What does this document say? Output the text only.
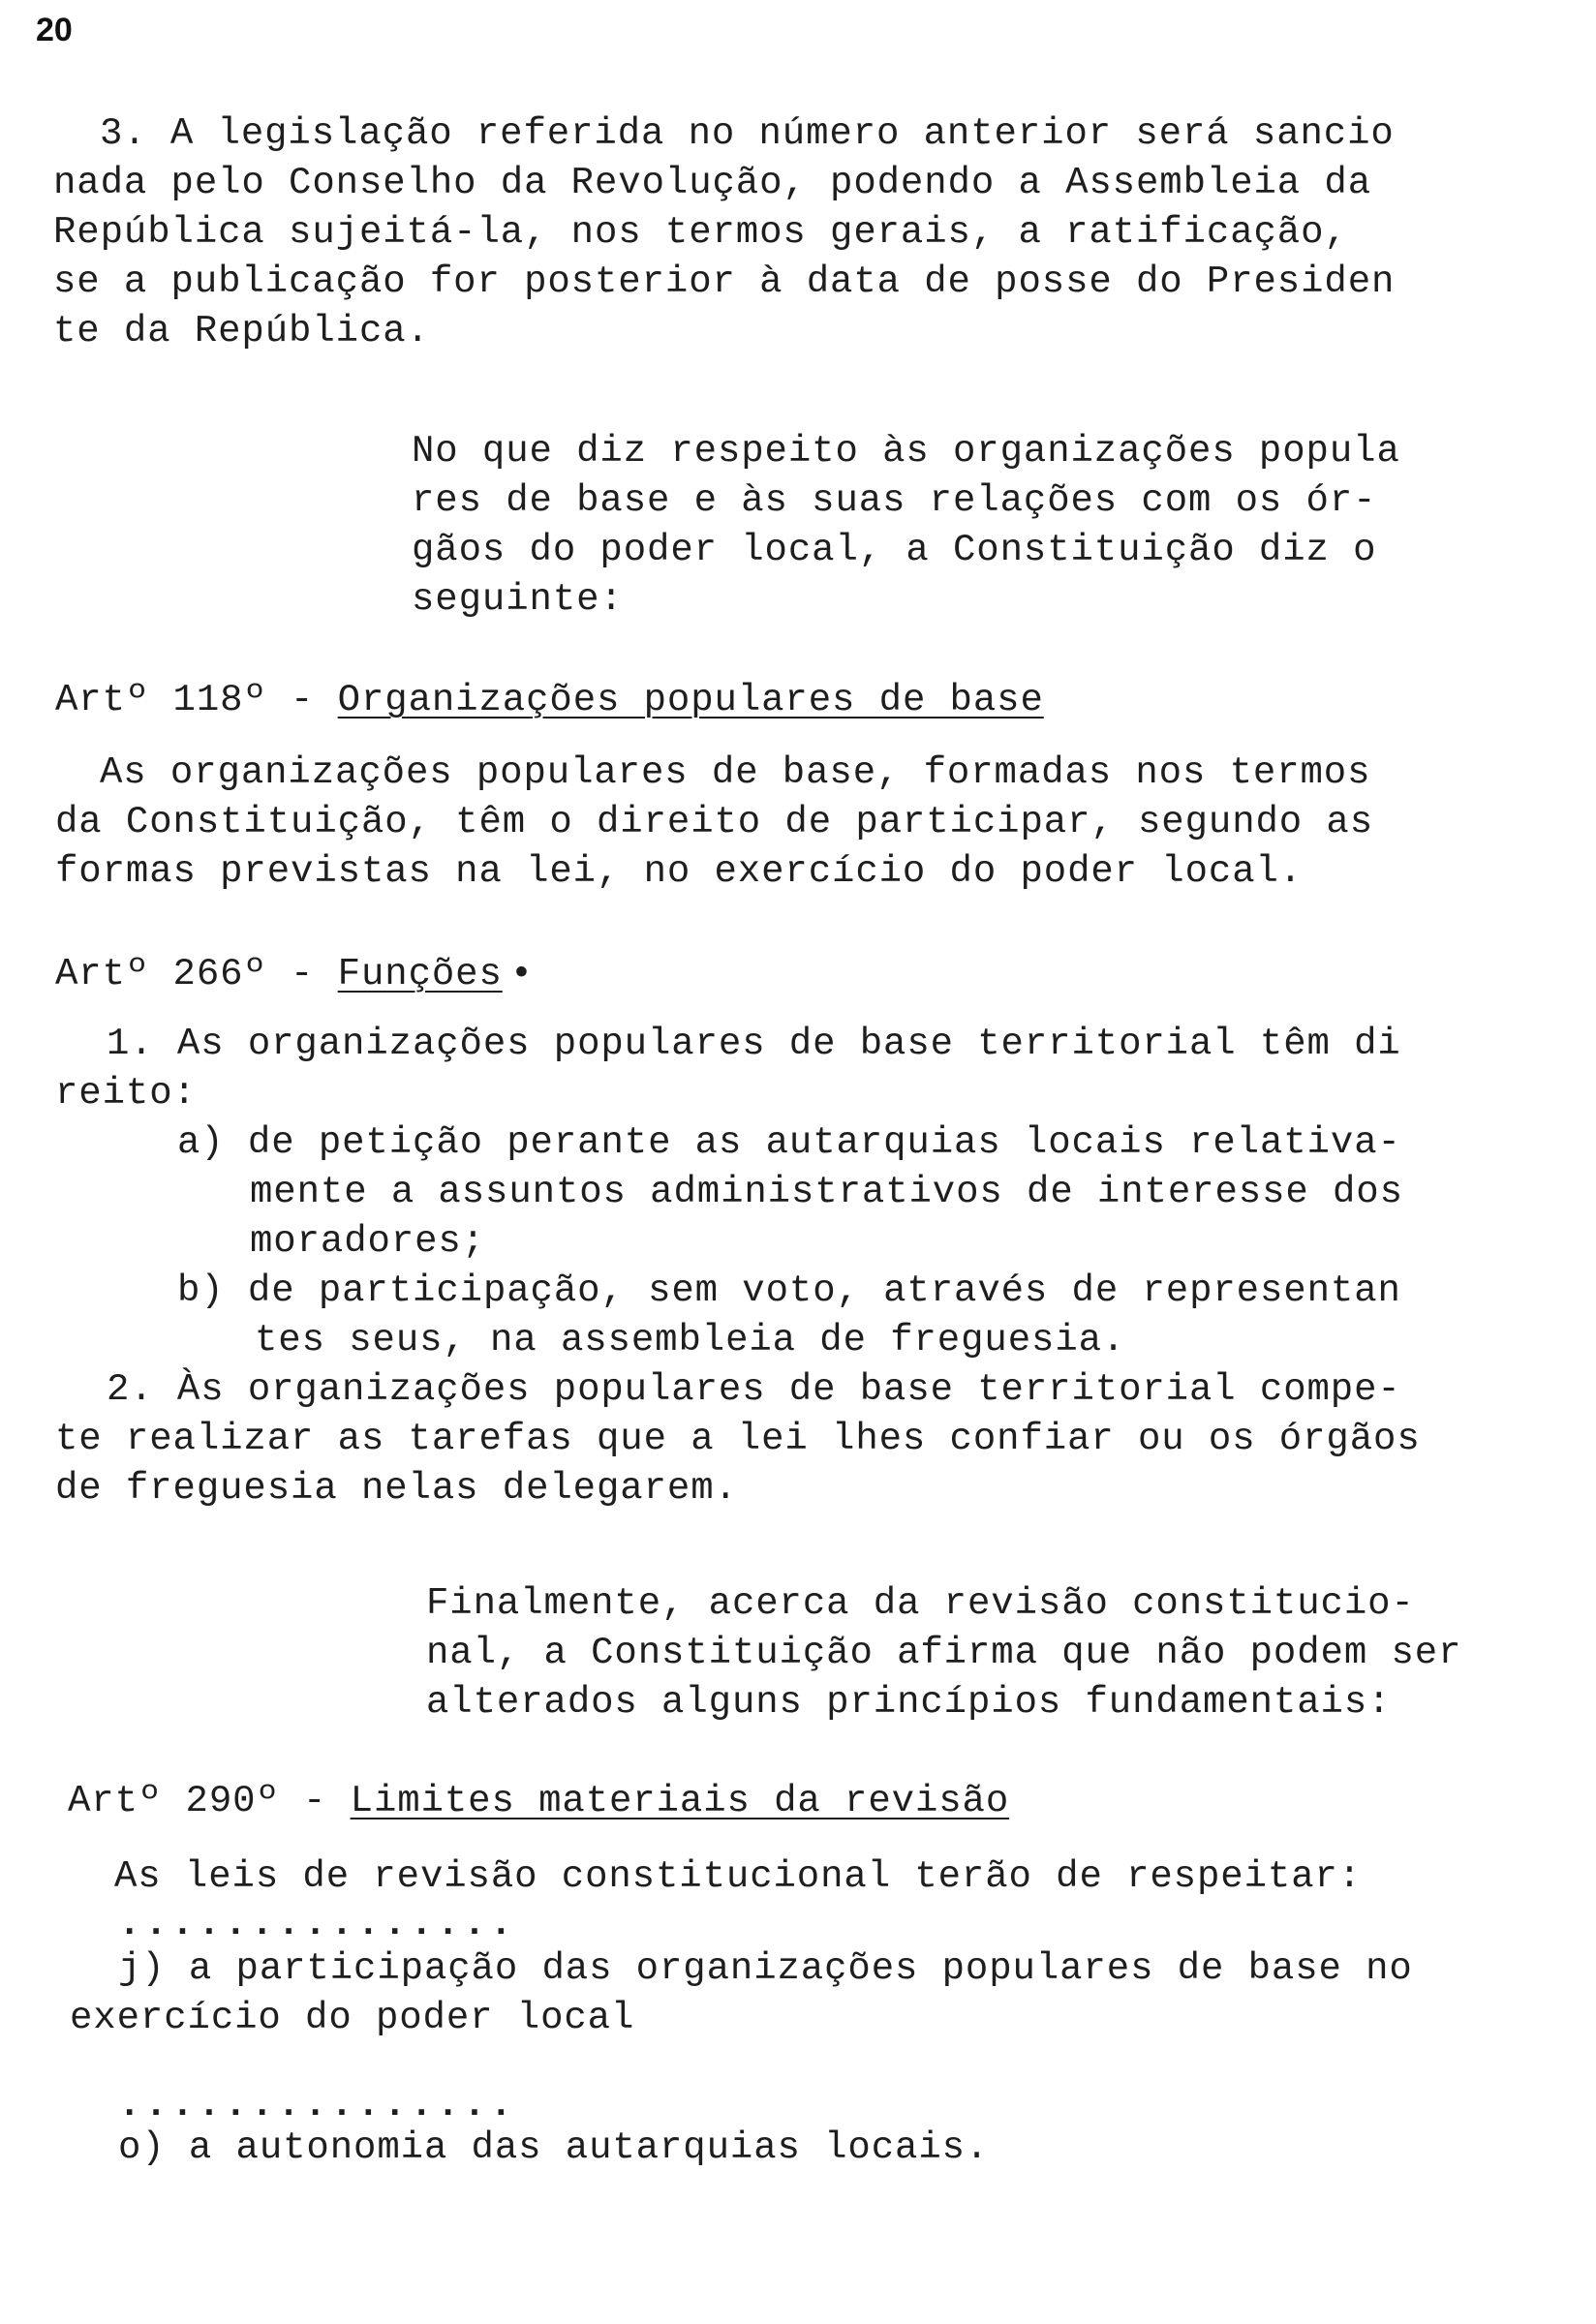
20
3. A legislação referida no número anterior será sancio
nada pelo Conselho da Revolução, podendo a Assembleia da
República sujeitá-la, nos termos gerais, a ratificação,
se a publicação for posterior à data de posse do Presiden
te da República.
No que diz respeito às organizações popula
res de base e às suas relações com os ór-
gãos do poder local, a Constituição diz o
seguinte:
Artº 118º - Organizações populares de base
As organizações populares de base, formadas nos termos
da Constituição, têm o direito de participar, segundo as
formas previstas na lei, no exercício do poder local.
Artº 266º - Funções •
1. As organizações populares de base territorial têm di
reito:
a) de petição perante as autarquias locais relativa-
mente a assuntos administrativos de interesse dos
moradores;
b) de participação, sem voto, através de representan
tes seus, na assembleia de freguesia.
2. Às organizações populares de base territorial compe-
te realizar as tarefas que a lei lhes confiar ou os órgãos
de freguesia nelas delegarem.
Finalmente, acerca da revisão constitucio-
nal, a Constituição afirma que não podem ser
alterados alguns princípios fundamentais:
Artº 290º - Limites materiais da revisão
As leis de revisão constitucional terão de respeitar:
...............
j) a participação das organizações populares de base no
exercício do poder local
...............
o) a autonomia das autarquias locais.
